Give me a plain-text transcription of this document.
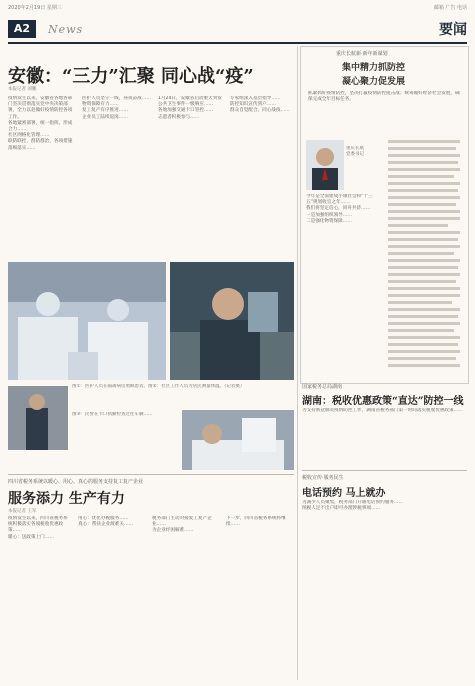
2020年2月19日 星期三	邮箱 广告 电话
A2	News	要闻
安徽：“三力”汇聚 同心战“疫”
本报记者 刘鹏
疫情发生以来，安徽省各地各部门坚决贯彻落实党中央决策部署，全力以赴做好疫情防控各项工作。
各地紧密部署，统一指挥，形成合力……
社区网格化管理……
联防联控，群防群治，各项措施落细落实……
医护人员坚守一线，昼夜奋战……
物资保障有力……
复工复产有序推进……
企业员工陆续返岗……
1月24日，安徽省启动重大突发公共卫生事件一级响应……
各地加强交通卡口管控……
志愿者积极参与……
专家组深入基层指导……
防控知识宣传到户……
群众自觉配合，同心战疫……
图①：医护人员在隔离病房照顾患者。图②：社区工作人员为居民测量体温。（记者摄）
图③：民警在卡口执勤检查过往车辆……
重庆长航新·新年新谋划
集中精力抓防控
凝心聚力促发展
抓紧抓好疫情防控，坚决打赢疫情防控阻击战；统筹做好经济社会发展，确保完成全年目标任务。
重庆长航
党委书记
今年是全面建成小康社会和“十三五”规划收官之年……
我们将坚定信心，同舟共济……
一是加强组织领导……
二是强化物资保障……
国家税务总局湖南
湖南：税收优惠政策“直达”防控一线
为支持新冠肺炎疫情防控工作，湖南省税务部门第一时间落实税收优惠政策……
四川省税务系统以暖心、用心、真心的服务支持复工复产企业
服务添力 生产有力
本报记者 王军
疫情发生以来，四川省税务系统积极落实各项税收优惠政策……
暖心：送政策上门……
用心：优化办税服务……
真心：帮扶企业渡难关……
税务部门主动对接复工复产企业……
为企业纾困解难……
下一步，四川省税务系统将继续……
税收宣传·服务民生
电话预约 马上就办
为减少人员聚集，税务部门开通电话预约服务……
纳税人足不出户即可办理涉税事项……
